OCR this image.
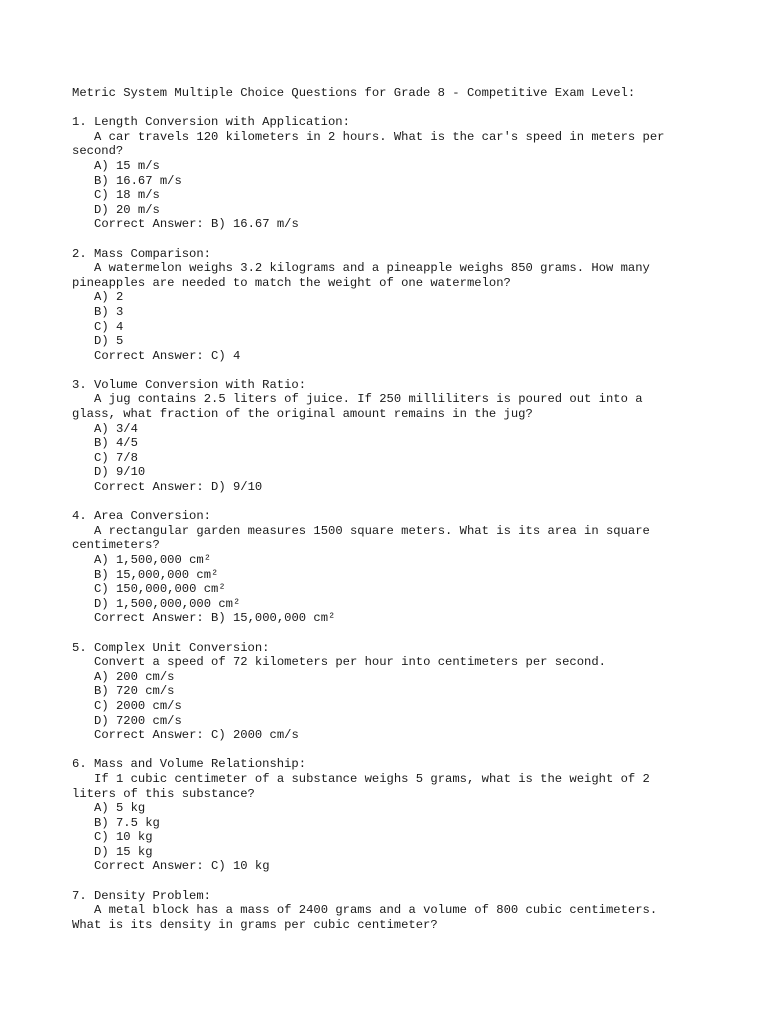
Metric System Multiple Choice Questions for Grade 8 - Competitive Exam Level:
1. Length Conversion with Application:
A car travels 120 kilometers in 2 hours. What is the car's speed in meters per second?
A) 15 m/s
B) 16.67 m/s
C) 18 m/s
D) 20 m/s
Correct Answer: B) 16.67 m/s
2. Mass Comparison:
A watermelon weighs 3.2 kilograms and a pineapple weighs 850 grams. How many pineapples are needed to match the weight of one watermelon?
A) 2
B) 3
C) 4
D) 5
Correct Answer: C) 4
3. Volume Conversion with Ratio:
A jug contains 2.5 liters of juice. If 250 milliliters is poured out into a glass, what fraction of the original amount remains in the jug?
A) 3/4
B) 4/5
C) 7/8
D) 9/10
Correct Answer: D) 9/10
4. Area Conversion:
A rectangular garden measures 1500 square meters. What is its area in square centimeters?
A) 1,500,000 cm²
B) 15,000,000 cm²
C) 150,000,000 cm²
D) 1,500,000,000 cm²
Correct Answer: B) 15,000,000 cm²
5. Complex Unit Conversion:
Convert a speed of 72 kilometers per hour into centimeters per second.
A) 200 cm/s
B) 720 cm/s
C) 2000 cm/s
D) 7200 cm/s
Correct Answer: C) 2000 cm/s
6. Mass and Volume Relationship:
If 1 cubic centimeter of a substance weighs 5 grams, what is the weight of 2 liters of this substance?
A) 5 kg
B) 7.5 kg
C) 10 kg
D) 15 kg
Correct Answer: C) 10 kg
7. Density Problem:
A metal block has a mass of 2400 grams and a volume of 800 cubic centimeters. What is its density in grams per cubic centimeter?
